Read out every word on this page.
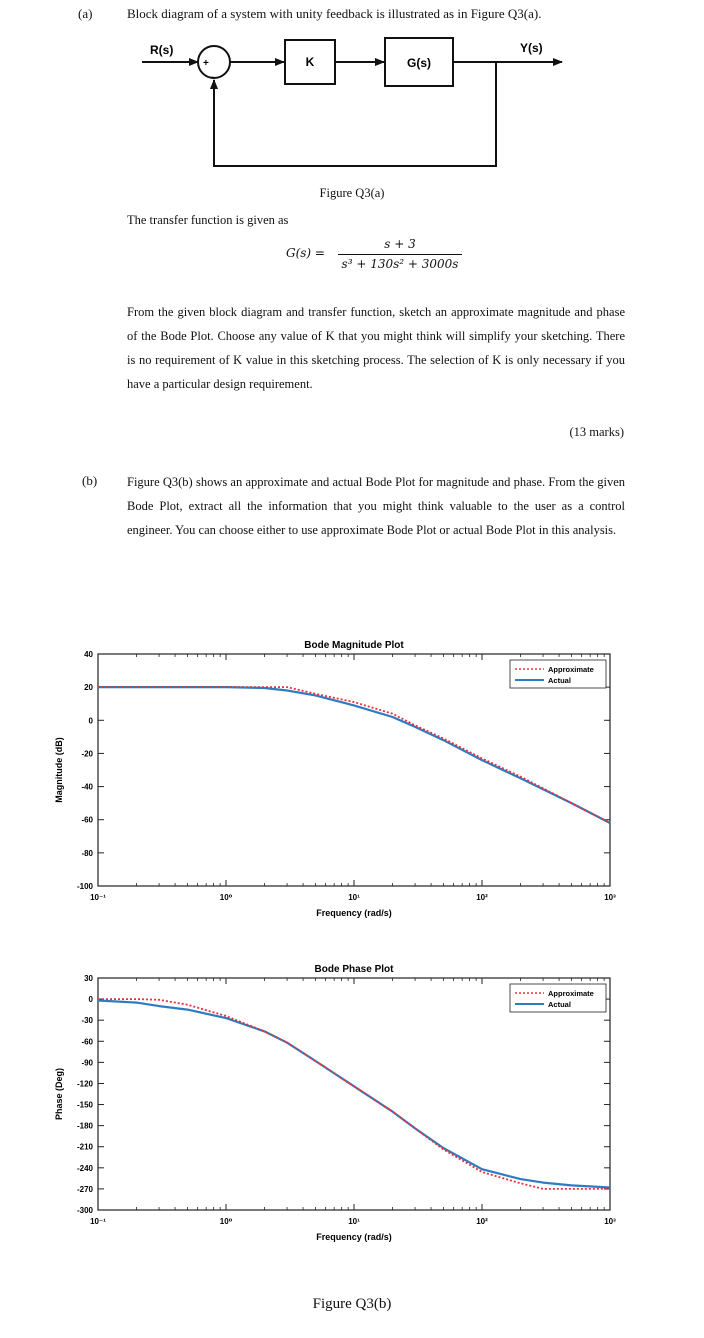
(a)	Block diagram of a system with unity feedback is illustrated as in Figure Q3(a).
R(s)
+
-
K	G(s)
Y(s)
Figure Q3(a)
The transfer function is given as
G(s) =
s + 3
s³ + 130s² + 3000s
From the given block diagram and transfer function, sketch an approximate magnitude and phase of the Bode Plot. Choose any value of K that you might think will simplify your sketching. There is no requirement of K value in this sketching process. The selection of K is only necessary if you have a particular design requirement.
(13 marks)
(b) Figure Q3(b) shows an approximate and actual Bode Plot for magnitude and phase. From the given Bode Plot, extract all the information that you might think valuable to the user as a control engineer. You can choose either to use approximate Bode Plot or actual Bode Plot in this analysis.
Bode Magnitude Plot
10⁻¹	10⁰	10¹	10²	10³
40
20
0
-20
-40
-60
-80
-100
Frequency (rad/s)
Magnitude (dB)
Approximate
Actual
Bode Phase Plot
10⁻¹	10⁰	10¹	10²	10³
30
0
-30
-60
-90
-120
-150
-180
-210
-240
-270
-300
Frequency (rad/s)
Phase (Deg)
Approximate
Actual
Figure Q3(b)
